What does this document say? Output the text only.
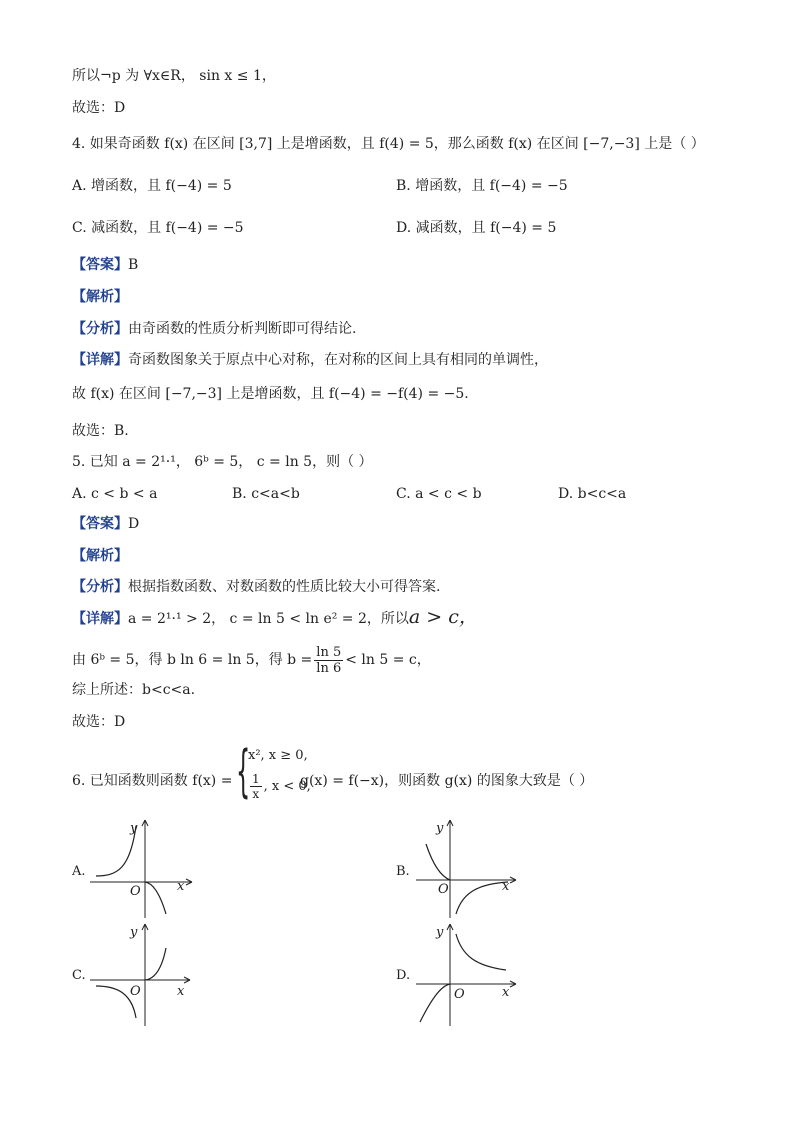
所以¬p 为 ∀x∈R， sin x ≤ 1，
故选：D
4. 如果奇函数 f(x) 在区间 [3,7] 上是增函数，且 f(4) = 5，那么函数 f(x) 在区间 [−7,−3] 上是（ ）
A. 增函数，且 f(−4) = 5	B. 增函数，且 f(−4) = −5
C. 减函数，且 f(−4) = −5	D. 减函数，且 f(−4) = 5
【答案】B
【解析】
【分析】由奇函数的性质分析判断即可得结论.
【详解】奇函数图象关于原点中心对称，在对称的区间上具有相同的单调性，
故 f(x) 在区间 [−7,−3] 上是增函数，且 f(−4) = −f(4) = −5.
故选：B.
5. 已知 a = 2¹·¹， 6ᵇ = 5， c = ln 5，则（ ）
A. c < b < a	B. c<a<b	C. a < c < b	D. b<c<a
【答案】D
【解析】
【分析】根据指数函数、对数函数的性质比较大小可得答案.
【详解】a = 2¹·¹ > 2， c = ln 5 < ln e² = 2，所以a > c，
由 6ᵇ = 5，得 b ln 6 = ln 5，得 $b = \frac{\ln 5}{\ln 6} < \ln 5 = c$，
综上所述：b<c<a.
故选：D
6. 已知函数则函数 f(x) = {
x², x ≥ 0,
$\frac{1}{x}$ , x < 0,
g(x) = f(−x)，则函数 g(x) 的图象大致是（ ）
A.	B.
C.	D.
y
x
O
y
x
O
y
x
O
y
x
O
